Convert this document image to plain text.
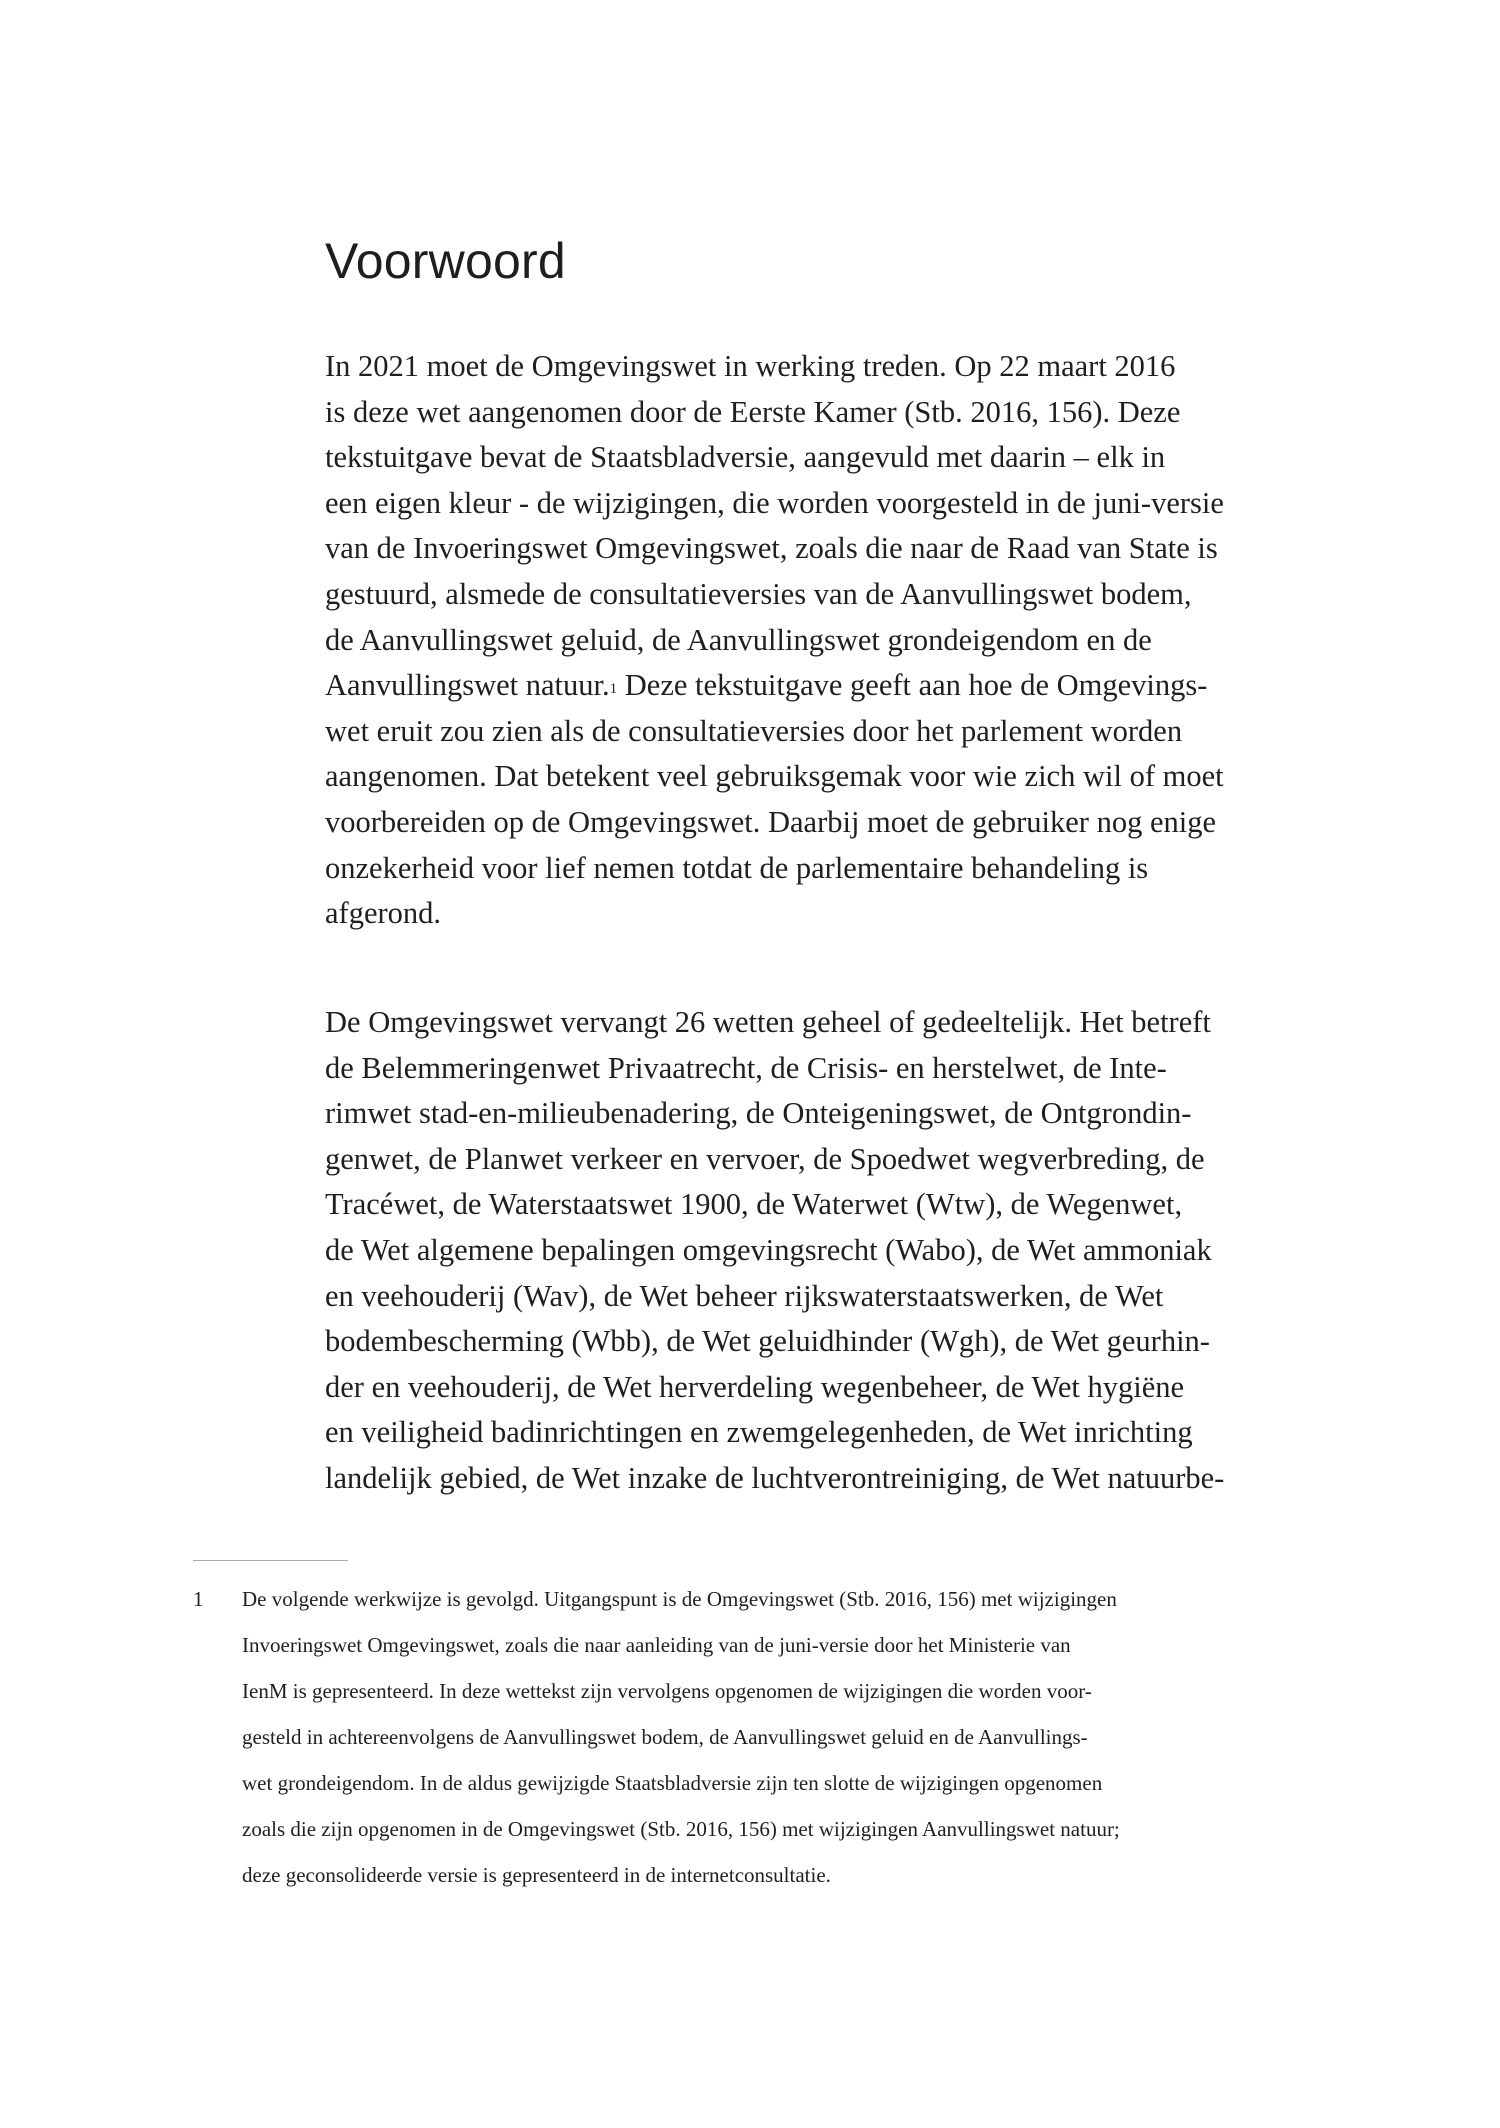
Voorwoord
In 2021 moet de Omgevingswet in werking treden. Op 22 maart 2016
is deze wet aangenomen door de Eerste Kamer (Stb. 2016, 156). Deze
tekstuitgave bevat de Staatsbladversie, aangevuld met daarin – elk in
een eigen kleur - de wijzigingen, die worden voorgesteld in de juni-versie
van de Invoeringswet Omgevingswet, zoals die naar de Raad van State is
gestuurd, alsmede de consultatieversies van de Aanvullingswet bodem,
de Aanvullingswet geluid, de Aanvullingswet grondeigendom en de
Aanvullingswet natuur.$^1$ Deze tekstuitgave geeft aan hoe de Omgevings-
wet eruit zou zien als de consultatieversies door het parlement worden
aangenomen. Dat betekent veel gebruiksgemak voor wie zich wil of moet
voorbereiden op de Omgevingswet. Daarbij moet de gebruiker nog enige
onzekerheid voor lief nemen totdat de parlementaire behandeling is
afgerond.
De Omgevingswet vervangt 26 wetten geheel of gedeeltelijk. Het betreft
de Belemmeringenwet Privaatrecht, de Crisis- en herstelwet, de Inte-
rimwet stad-en-milieubenadering, de Onteigeningswet, de Ontgrondin-
genwet, de Planwet verkeer en vervoer, de Spoedwet wegverbreding, de
Tracéwet, de Waterstaatswet 1900, de Waterwet (Wtw), de Wegenwet,
de Wet algemene bepalingen omgevingsrecht (Wabo), de Wet ammoniak
en veehouderij (Wav), de Wet beheer rijkswaterstaatswerken, de Wet
bodembescherming (Wbb), de Wet geluidhinder (Wgh), de Wet geurhin-
der en veehouderij, de Wet herverdeling wegenbeheer, de Wet hygiëne
en veiligheid badinrichtingen en zwemgelegenheden, de Wet inrichting
landelijk gebied, de Wet inzake de luchtverontreiniging, de Wet natuurbe-
1 De volgende werkwijze is gevolgd. Uitgangspunt is de Omgevingswet (Stb. 2016, 156) met wijzigingen
Invoeringswet Omgevingswet, zoals die naar aanleiding van de juni-versie door het Ministerie van
IenM is gepresenteerd. In deze wettekst zijn vervolgens opgenomen de wijzigingen die worden voor-
gesteld in achtereenvolgens de Aanvullingswet bodem, de Aanvullingswet geluid en de Aanvullings-
wet grondeigendom. In de aldus gewijzigde Staatsbladversie zijn ten slotte de wijzigingen opgenomen
zoals die zijn opgenomen in de Omgevingswet (Stb. 2016, 156) met wijzigingen Aanvullingswet natuur;
deze geconsolideerde versie is gepresenteerd in de internetconsultatie.
